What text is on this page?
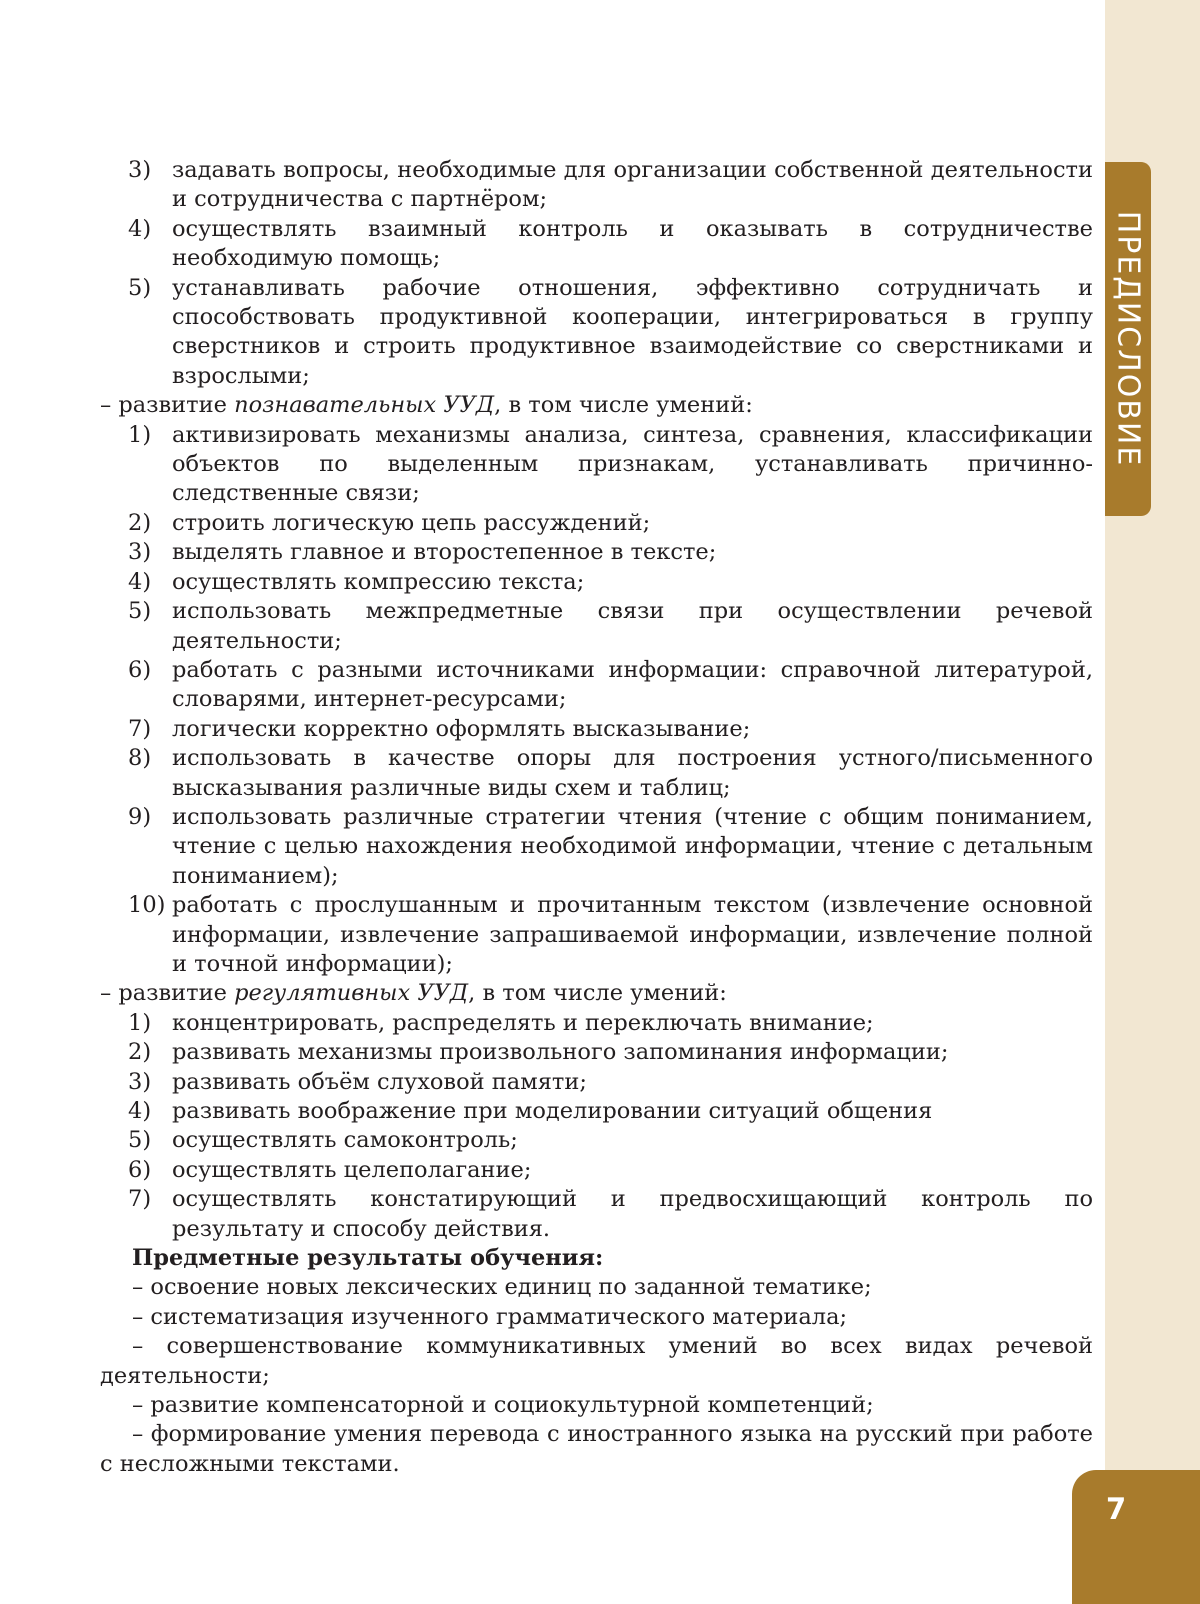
ПРЕДИСЛОВИЕ
3) задавать вопросы, необходимые для организации собственной деятельности и сотрудничества с партнёром;
4) осуществлять взаимный контроль и оказывать в сотрудничестве необходимую помощь;
5) устанавливать рабочие отношения, эффективно сотрудничать и способствовать продуктивной кооперации, интегрироваться в группу сверстников и строить продуктивное взаимодействие со сверстниками и взрослыми;

– развитие познавательных УУД, в том числе умений:

1) активизировать механизмы анализа, синтеза, сравнения, классификации объектов по выделенным признакам, устанавливать причинно-следственные связи;
2) строить логическую цепь рассуждений;
3) выделять главное и второстепенное в тексте;
4) осуществлять компрессию текста;
5) использовать межпредметные связи при осуществлении речевой деятельности;
6) работать с разными источниками информации: справочной литературой, словарями, интернет-ресурсами;
7) логически корректно оформлять высказывание;
8) использовать в качестве опоры для построения устного/письменного высказывания различные виды схем и таблиц;
9) использовать различные стратегии чтения (чтение с общим пониманием, чтение с целью нахождения необходимой информации, чтение с детальным пониманием);
10) работать с прослушанным и прочитанным текстом (извлечение основной информации, извлечение запрашиваемой информации, извлечение полной и точной информации);

– развитие регулятивных УУД, в том числе умений:

1) концентрировать, распределять и переключать внимание;
2) развивать механизмы произвольного запоминания информации;
3) развивать объём слуховой памяти;
4) развивать воображение при моделировании ситуаций общения
5) осуществлять самоконтроль;
6) осуществлять целеполагание;
7) осуществлять констатирующий и предвосхищающий контроль по результату и способу действия.

Предметные результаты обучения:

– освоение новых лексических единиц по заданной тематике;

– систематизация изученного грамматического материала;

– совершенствование коммуникативных умений во всех видах речевой деятельности;

– развитие компенсаторной и социокультурной компетенций;

– формирование умения перевода с иностранного языка на русский при работе с несложными текстами.

7
